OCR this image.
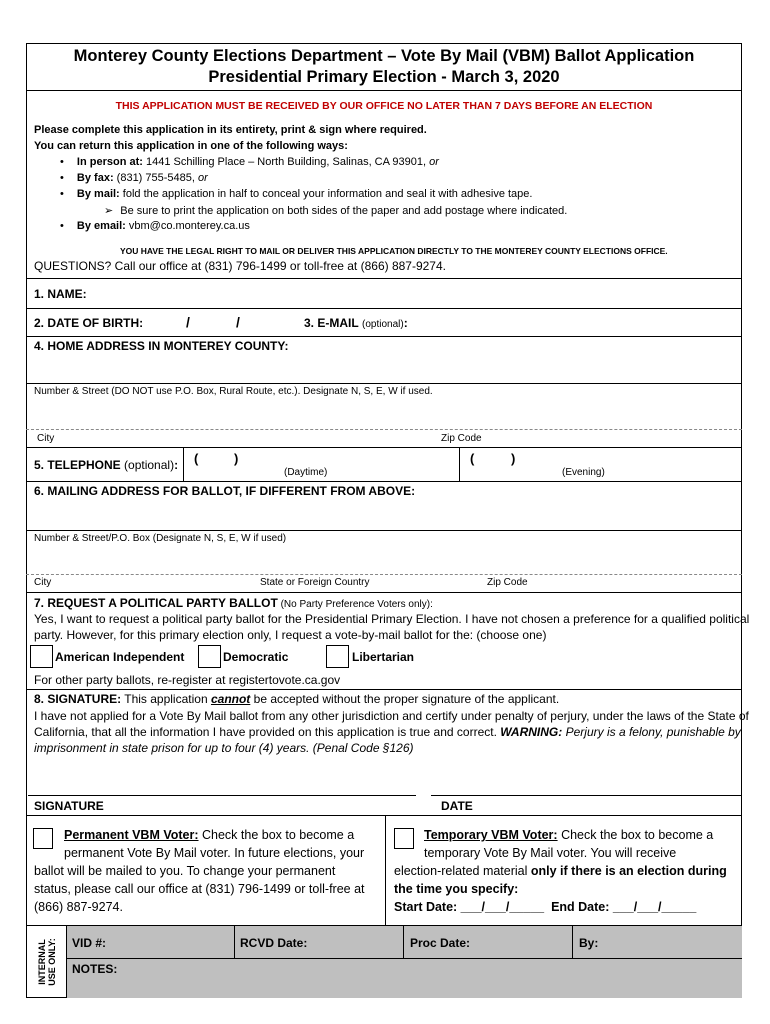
Monterey County Elections Department – Vote By Mail (VBM) Ballot Application
Presidential Primary Election - March 3, 2020
THIS APPLICATION MUST BE RECEIVED BY OUR OFFICE NO LATER THAN 7 DAYS BEFORE AN ELECTION
Please complete this application in its entirety, print & sign where required.
You can return this application in one of the following ways:
• In person at: 1441 Schilling Place – North Building, Salinas, CA 93901, or
• By fax: (831) 755-5485, or
• By mail: fold the application in half to conceal your information and seal it with adhesive tape.
➢ Be sure to print the application on both sides of the paper and add postage where indicated.
• By email: vbm@co.monterey.ca.us
YOU HAVE THE LEGAL RIGHT TO MAIL OR DELIVER THIS APPLICATION DIRECTLY TO THE MONTEREY COUNTY ELECTIONS OFFICE.
QUESTIONS? Call our office at (831) 796-1499 or toll-free at (866) 887-9274.
1. NAME:
2. DATE OF BIRTH:	/	/	3. E-MAIL (optional):
4. HOME ADDRESS IN MONTEREY COUNTY:
Number & Street (DO NOT use P.O. Box, Rural Route, etc.). Designate N, S, E, W if used.
City	Zip Code
5. TELEPHONE (optional): (	)
(Daytime)
(	)
(Evening)
6. MAILING ADDRESS FOR BALLOT, IF DIFFERENT FROM ABOVE:
Number & Street/P.O. Box (Designate N, S, E, W if used)
City	State or Foreign Country	Zip Code
7. REQUEST A POLITICAL PARTY BALLOT (No Party Preference Voters only):
Yes, I want to request a political party ballot for the Presidential Primary Election. I have not chosen a preference for a qualified political
party. However, for this primary election only, I request a vote-by-mail ballot for the: (choose one)
American Independent	Democratic	Libertarian
For other party ballots, re-register at registertovote.ca.gov
8. SIGNATURE: This application cannot be accepted without the proper signature of the applicant.
I have not applied for a Vote By Mail ballot from any other jurisdiction and certify under penalty of perjury, under the laws of the State of
California, that all the information I have provided on this application is true and correct. WARNING: Perjury is a felony, punishable by
imprisonment in state prison for up to four (4) years. (Penal Code §126)
SIGNATURE	DATE
Permanent VBM Voter: Check the box to become a
permanent Vote By Mail voter. In future elections, your
ballot will be mailed to you. To change your permanent
status, please call our office at (831) 796-1499 or toll-free at
(866) 887-9274.
Temporary VBM Voter: Check the box to become a
temporary Vote By Mail voter. You will receive
election-related material only if there is an election during
the time you specify:
Start Date: ___/___/_____ End Date: ___/___/_____
INTERNAL USE ONLY: VID #:	RCVD Date:	Proc Date:	By:
NOTES:
